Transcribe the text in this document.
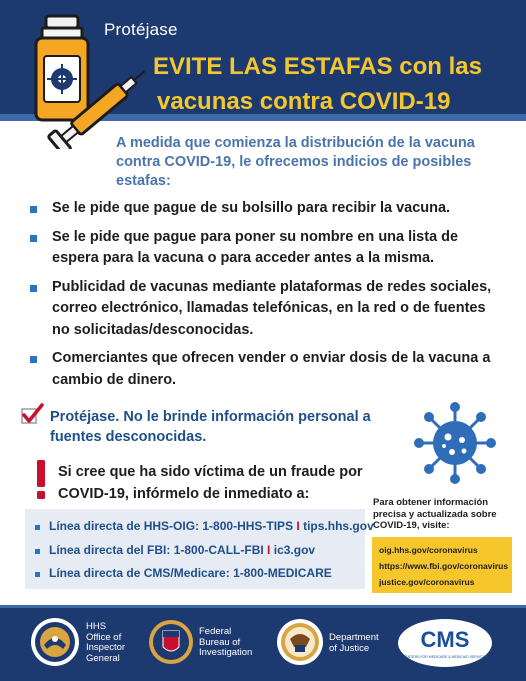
Protéjase
EVITE LAS ESTAFAS con las
vacunas contra COVID-19
A medida que comienza la distribución de la vacuna contra COVID-19, le ofrecemos indicios de posibles estafas:
Se le pide que pague de su bolsillo para recibir la vacuna.
Se le pide que pague para poner su nombre en una lista de espera para la vacuna o para acceder antes a la misma.
Publicidad de vacunas mediante plataformas de redes sociales, correo electrónico, llamadas telefónicas, en la red o de fuentes no solicitadas/desconocidas.
Comerciantes que ofrecen vender o enviar dosis de la vacuna a cambio de dinero.
Protéjase. No le brinde información personal a fuentes desconocidas.
Si cree que ha sido víctima de un fraude por COVID-19, infórmelo de inmediato a:
Línea directa de HHS-OIG: 1-800-HHS-TIPS I tips.hhs.gov
Línea directa del FBI: 1-800-CALL-FBI I ic3.gov
Línea directa de CMS/Medicare: 1-800-MEDICARE
Para obtener información precisa y actualizada sobre COVID-19, visite:
oig.hhs.gov/coronavirus
https://www.fbi.gov/coronavirus
justice.gov/coronavirus
HHS
Office of
Inspector
General
Federal
Bureau of
Investigation
Department
of Justice	CMS
CENTERS FOR MEDICARE & MEDICAID SERVICES
